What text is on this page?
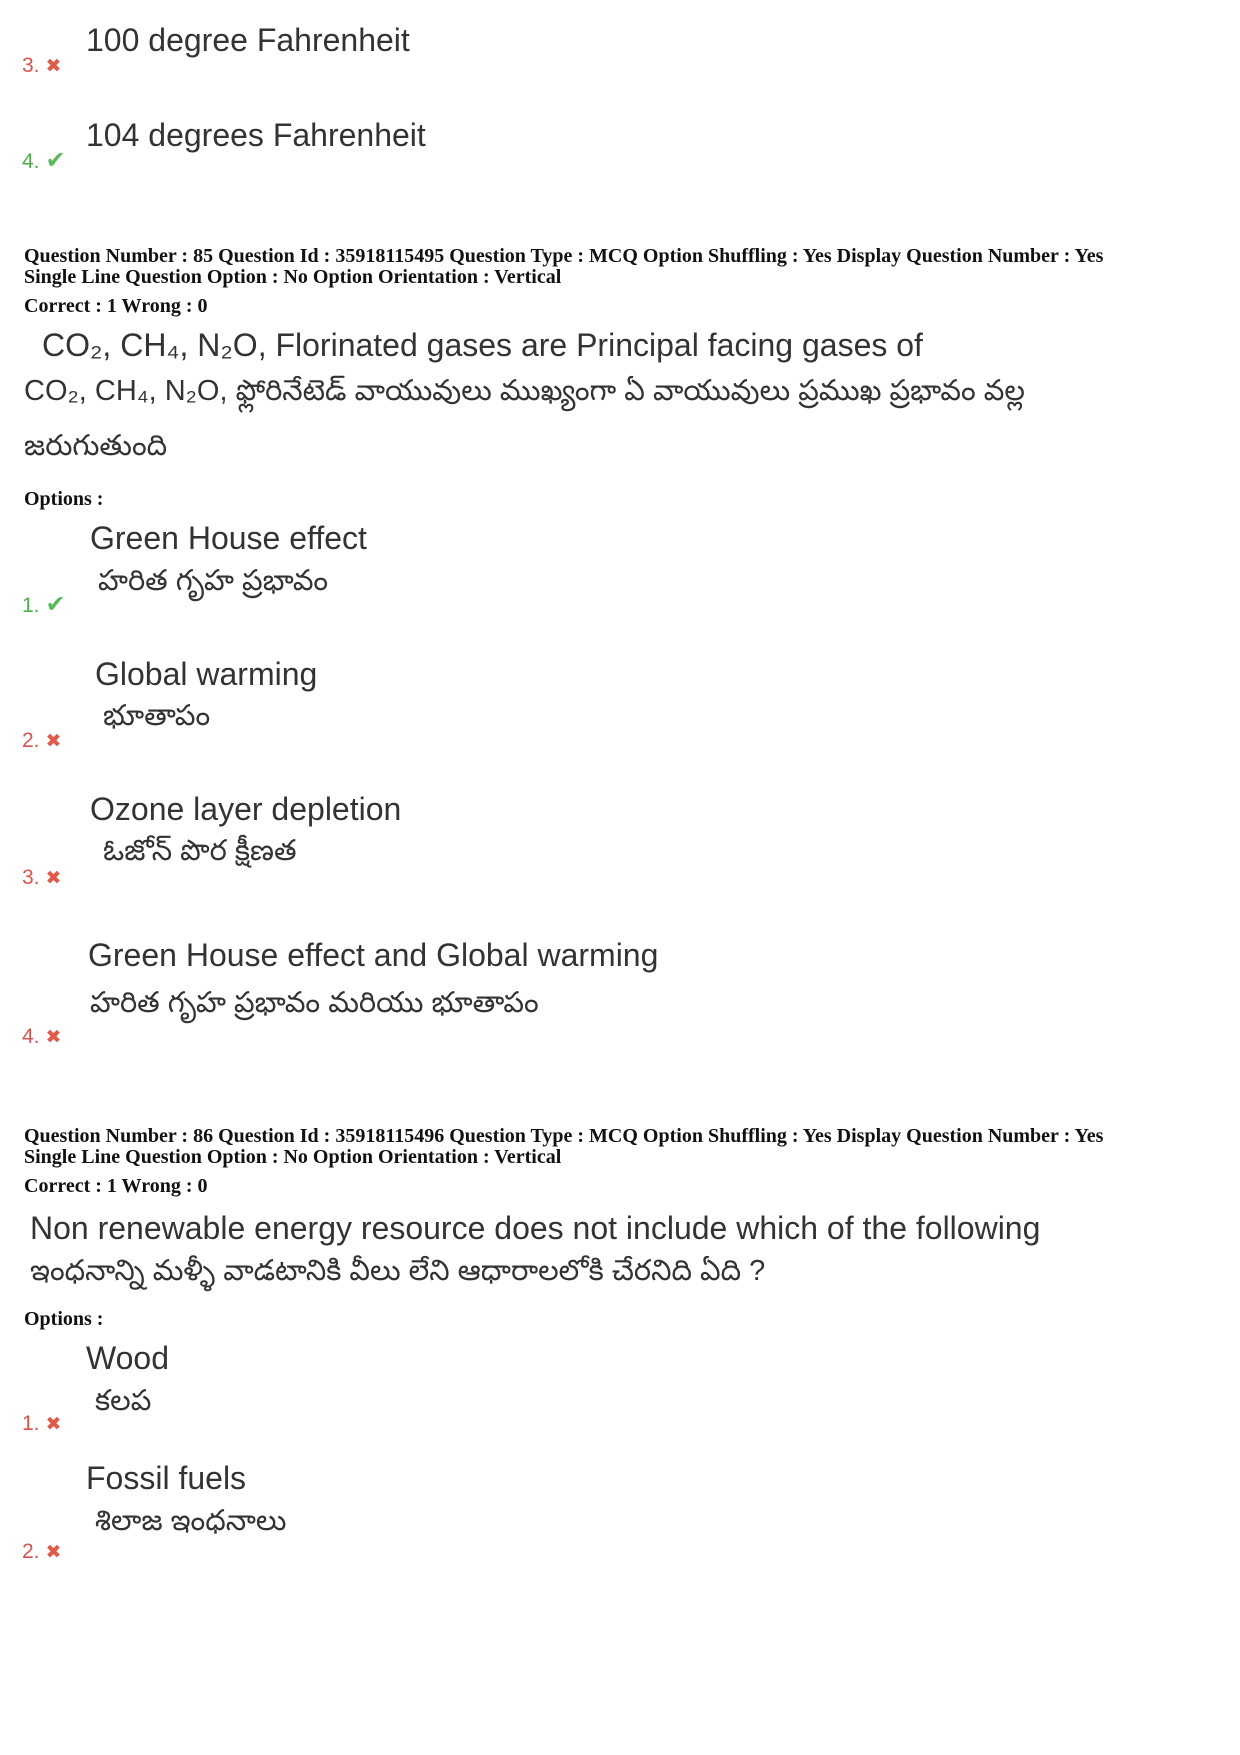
100 degree Fahrenheit
3. ✖
104 degrees Fahrenheit
4. ✔
Question Number : 85 Question Id : 35918115495 Question Type : MCQ Option Shuffling : Yes Display Question Number : Yes
Single Line Question Option : No Option Orientation : Vertical
Correct : 1 Wrong : 0
CO₂, CH₄, N₂O, Florinated gases are Principal facing gases of
CO₂, CH₄, N₂O, ఫ్లోరినేటెడ్ వాయువులు ముఖ్యంగా ఏ వాయువులు ప్రముఖ ప్రభావం వల్ల
జరుగుతుంది
Options :
Green House effect
హరిత గృహ ప్రభావం
1. ✔
Global warming
భూతాపం
2. ✖
Ozone layer depletion
ఓజోన్ పొర క్షీణత
3. ✖
Green House effect and Global warming
హరిత గృహ ప్రభావం మరియు భూతాపం
4. ✖
Question Number : 86 Question Id : 35918115496 Question Type : MCQ Option Shuffling : Yes Display Question Number : Yes
Single Line Question Option : No Option Orientation : Vertical
Correct : 1 Wrong : 0
Non renewable energy resource does not include which of the following
ఇంధనాన్ని మళ్ళీ వాడటానికి వీలు లేని ఆధారాలలోకి చేరనిది ఏది ?
Options :
Wood
కలప
1. ✖
Fossil fuels
శిలాజ ఇంధనాలు
2. ✖
